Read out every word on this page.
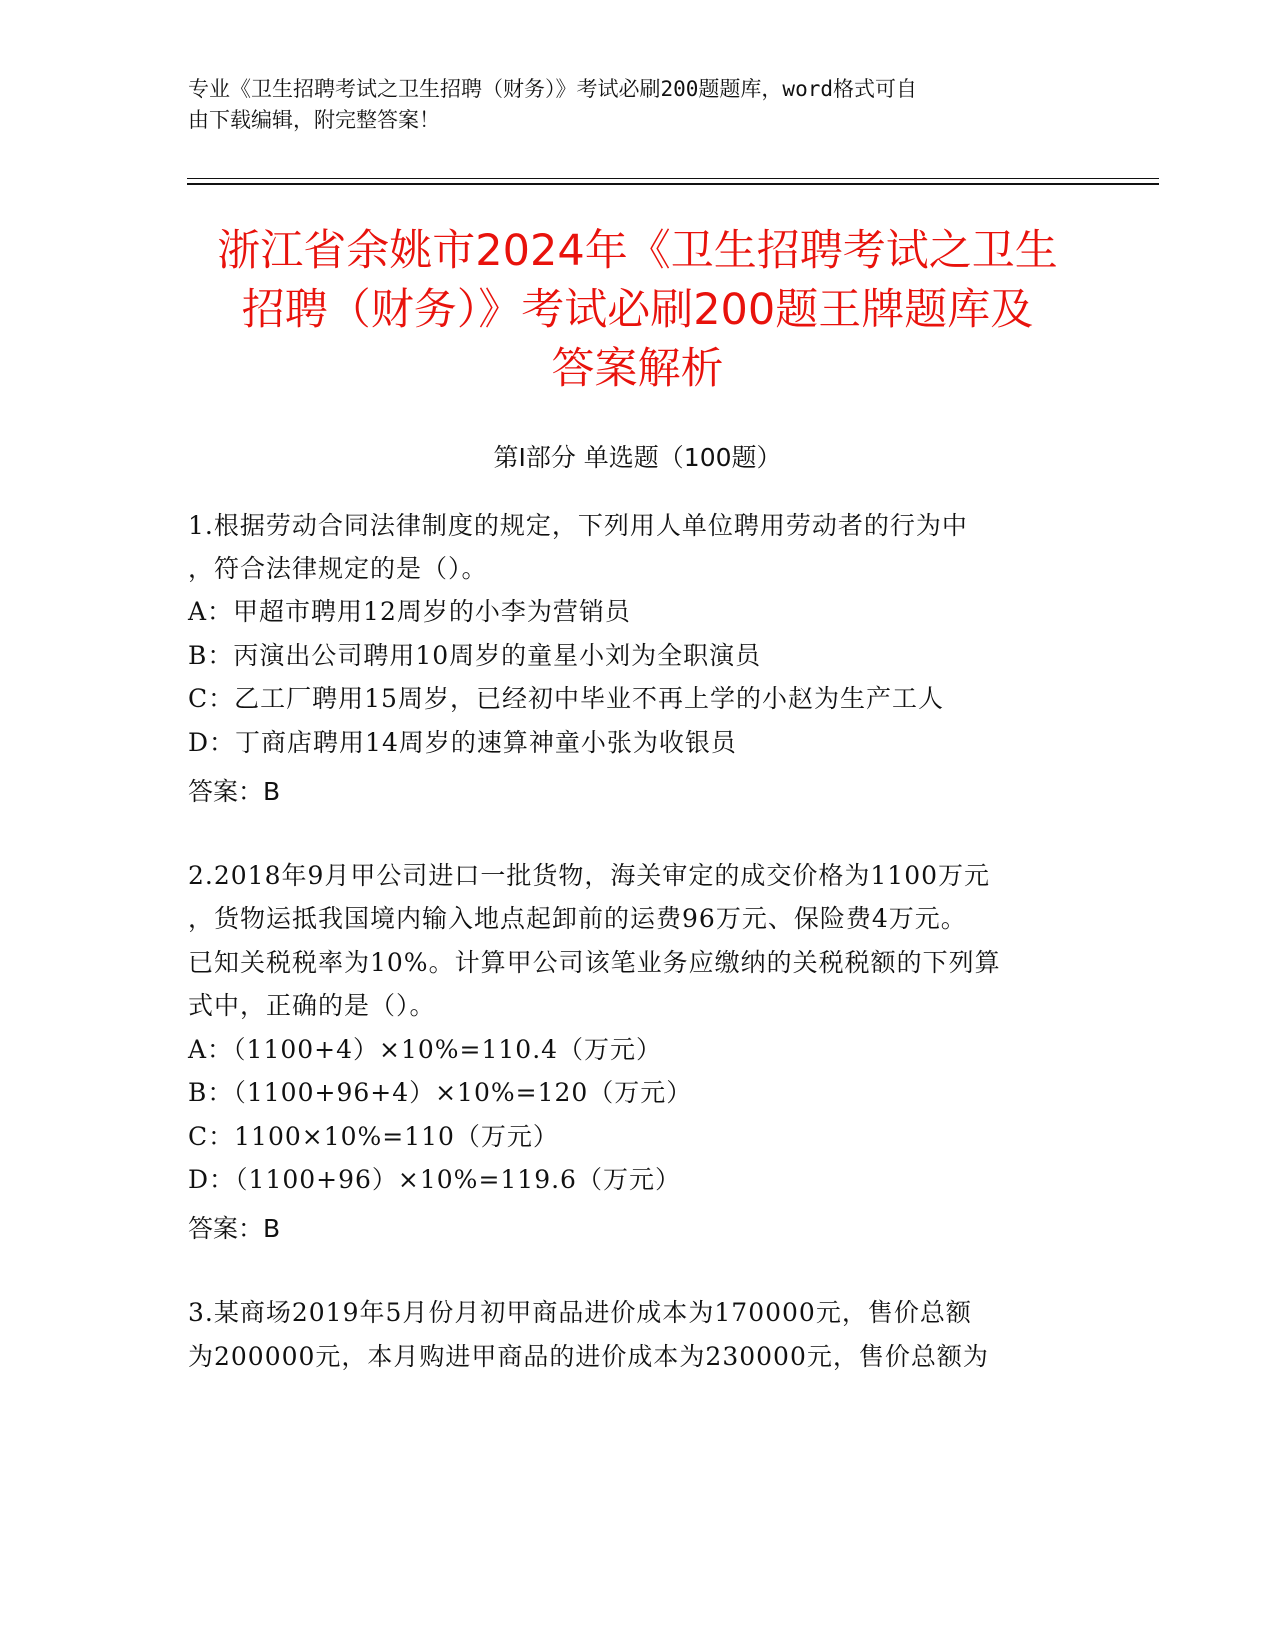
专业《卫生招聘考试之卫生招聘（财务）》考试必刷200题题库，word格式可自
由下载编辑，附完整答案！
浙江省余姚市2024年《卫生招聘考试之卫生
招聘（财务）》考试必刷200题王牌题库及
答案解析
第Ⅰ部分 单选题（100题）
1.根据劳动合同法律制度的规定，下列用人单位聘用劳动者的行为中
，符合法律规定的是（）。
A：甲超市聘用12周岁的小李为营销员
B：丙演出公司聘用10周岁的童星小刘为全职演员
C：乙工厂聘用15周岁，已经初中毕业不再上学的小赵为生产工人
D：丁商店聘用14周岁的速算神童小张为收银员
答案：B
2.2018年9月甲公司进口一批货物，海关审定的成交价格为1100万元
，货物运抵我国境内输入地点起卸前的运费96万元、保险费4万元。
已知关税税率为10%。计算甲公司该笔业务应缴纳的关税税额的下列算
式中，正确的是（）。
A：（1100+4）×10%=110.4（万元）
B：（1100+96+4）×10%=120（万元）
C：1100×10%=110（万元）
D：（1100+96）×10%=119.6（万元）
答案：B
3.某商场2019年5月份月初甲商品进价成本为170000元，售价总额
为200000元，本月购进甲商品的进价成本为230000元，售价总额为
